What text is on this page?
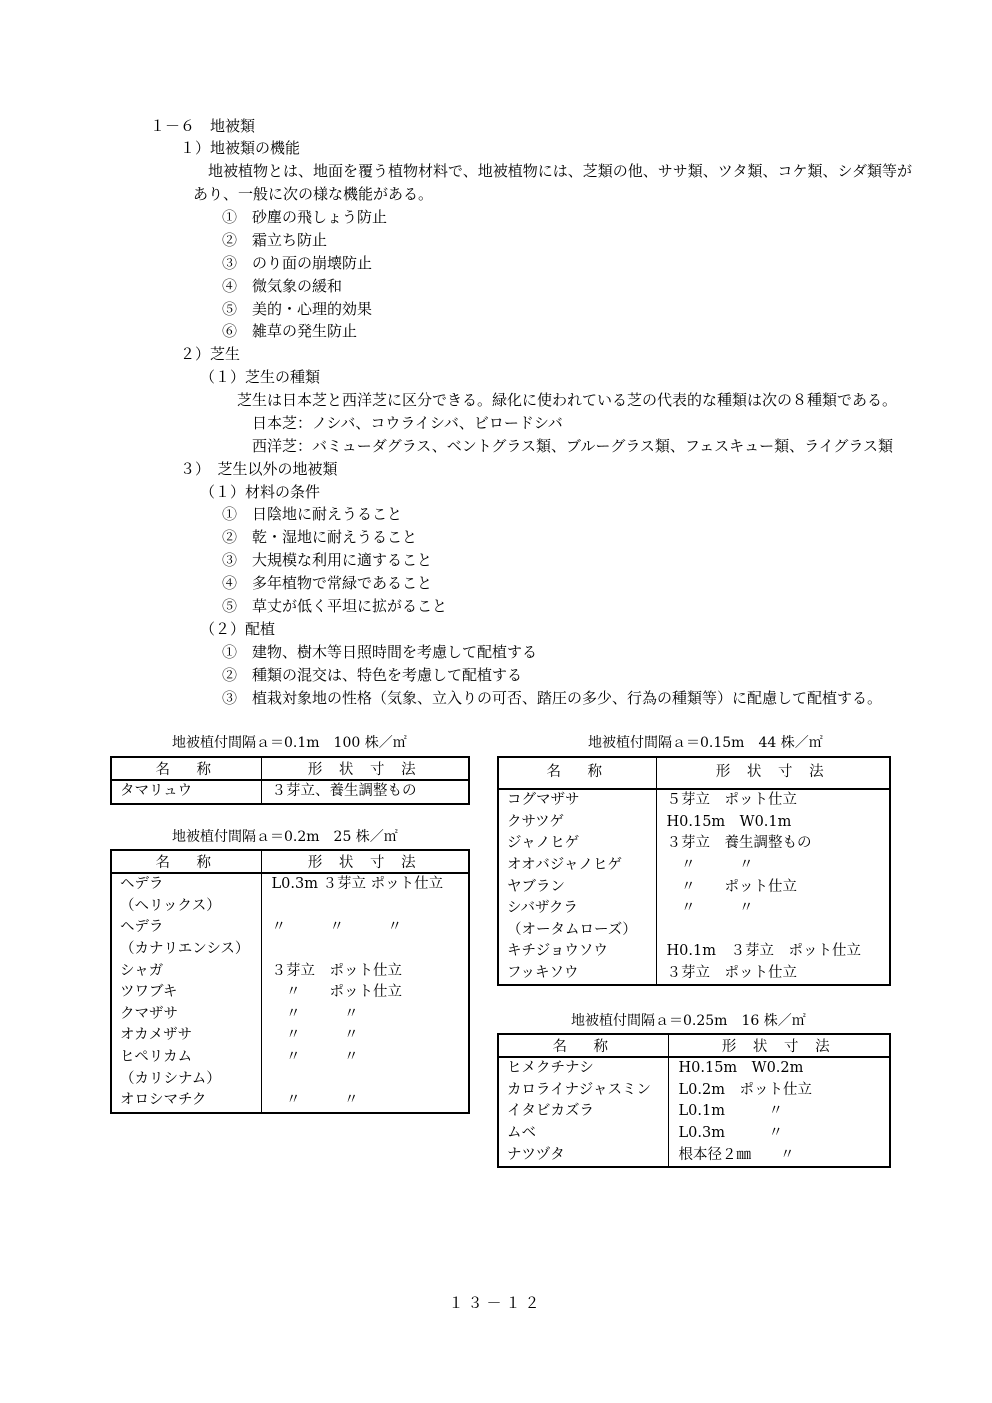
１－６　地被類
１）地被類の機能
地被植物とは、地面を覆う植物材料で、地被植物には、芝類の他、ササ類、ツタ類、コケ類、シダ類等が
あり、一般に次の様な機能がある。
①　砂塵の飛しょう防止
②　霜立ち防止
③　のり面の崩壊防止
④　微気象の緩和
⑤　美的・心理的効果
⑥　雑草の発生防止
２）芝生
（１）芝生の種類
芝生は日本芝と西洋芝に区分できる。緑化に使われている芝の代表的な種類は次の８種類である。
日本芝：ノシバ、コウライシバ、ビロードシバ
西洋芝：バミューダグラス、ベントグラス類、ブルーグラス類、フェスキュー類、ライグラス類
３）　芝生以外の地被類
（１）材料の条件
①　日陰地に耐えうること
②　乾・湿地に耐えうること
③　大規模な利用に適すること
④　多年植物で常緑であること
⑤　草丈が低く平坦に拡がること
（２）配植
①　建物、樹木等日照時間を考慮して配植する
②　種類の混交は、特色を考慮して配植する
③　植栽対象地の性格（気象、立入りの可否、踏圧の多少、行為の種類等）に配慮して配植する。
地被植付間隔ａ＝0.1m　100 株／㎡
名　称	形 状 寸 法
タマリュウ	３芽立、養生調整もの
地被植付間隔ａ＝0.2m　25 株／㎡
名　称	形 状 寸 法
ヘデラ	L0.3m ３芽立 ポット仕立
（ヘリックス）	
ヘデラ	〃　　　〃　　　〃
（カナリエンシス）	
シャガ	３芽立　ポット仕立
ツワブキ	　〃　　ポット仕立
クマザサ	　〃　　　〃
オカメザサ	　〃　　　〃
ヒペリカム	　〃　　　〃
（カリシナム）	
オロシマチク	　〃　　　〃
地被植付間隔ａ＝0.15m　44 株／㎡
名　称	形 状 寸 法
コグマザサ	５芽立　ポット仕立
クサツゲ	H0.15m　W0.1m
ジャノヒゲ	３芽立　養生調整もの
オオバジャノヒゲ	　〃　　　〃
ヤブラン	　〃　　ポット仕立
シバザクラ	　〃　　　〃
（オータムローズ）	
キチジョウソウ	H0.1m　３芽立　ポット仕立
フッキソウ	３芽立　ポット仕立
地被植付間隔ａ＝0.25m　16 株／㎡
名　称	形 状 寸 法
ヒメクチナシ	H0.15m　W0.2m
カロライナジャスミン	L0.2m　ポット仕立
イタビカズラ	L0.1m　　　〃
ムベ	L0.3m　　　〃
ナツヅタ	根本径２㎜　　〃
１３－１２
